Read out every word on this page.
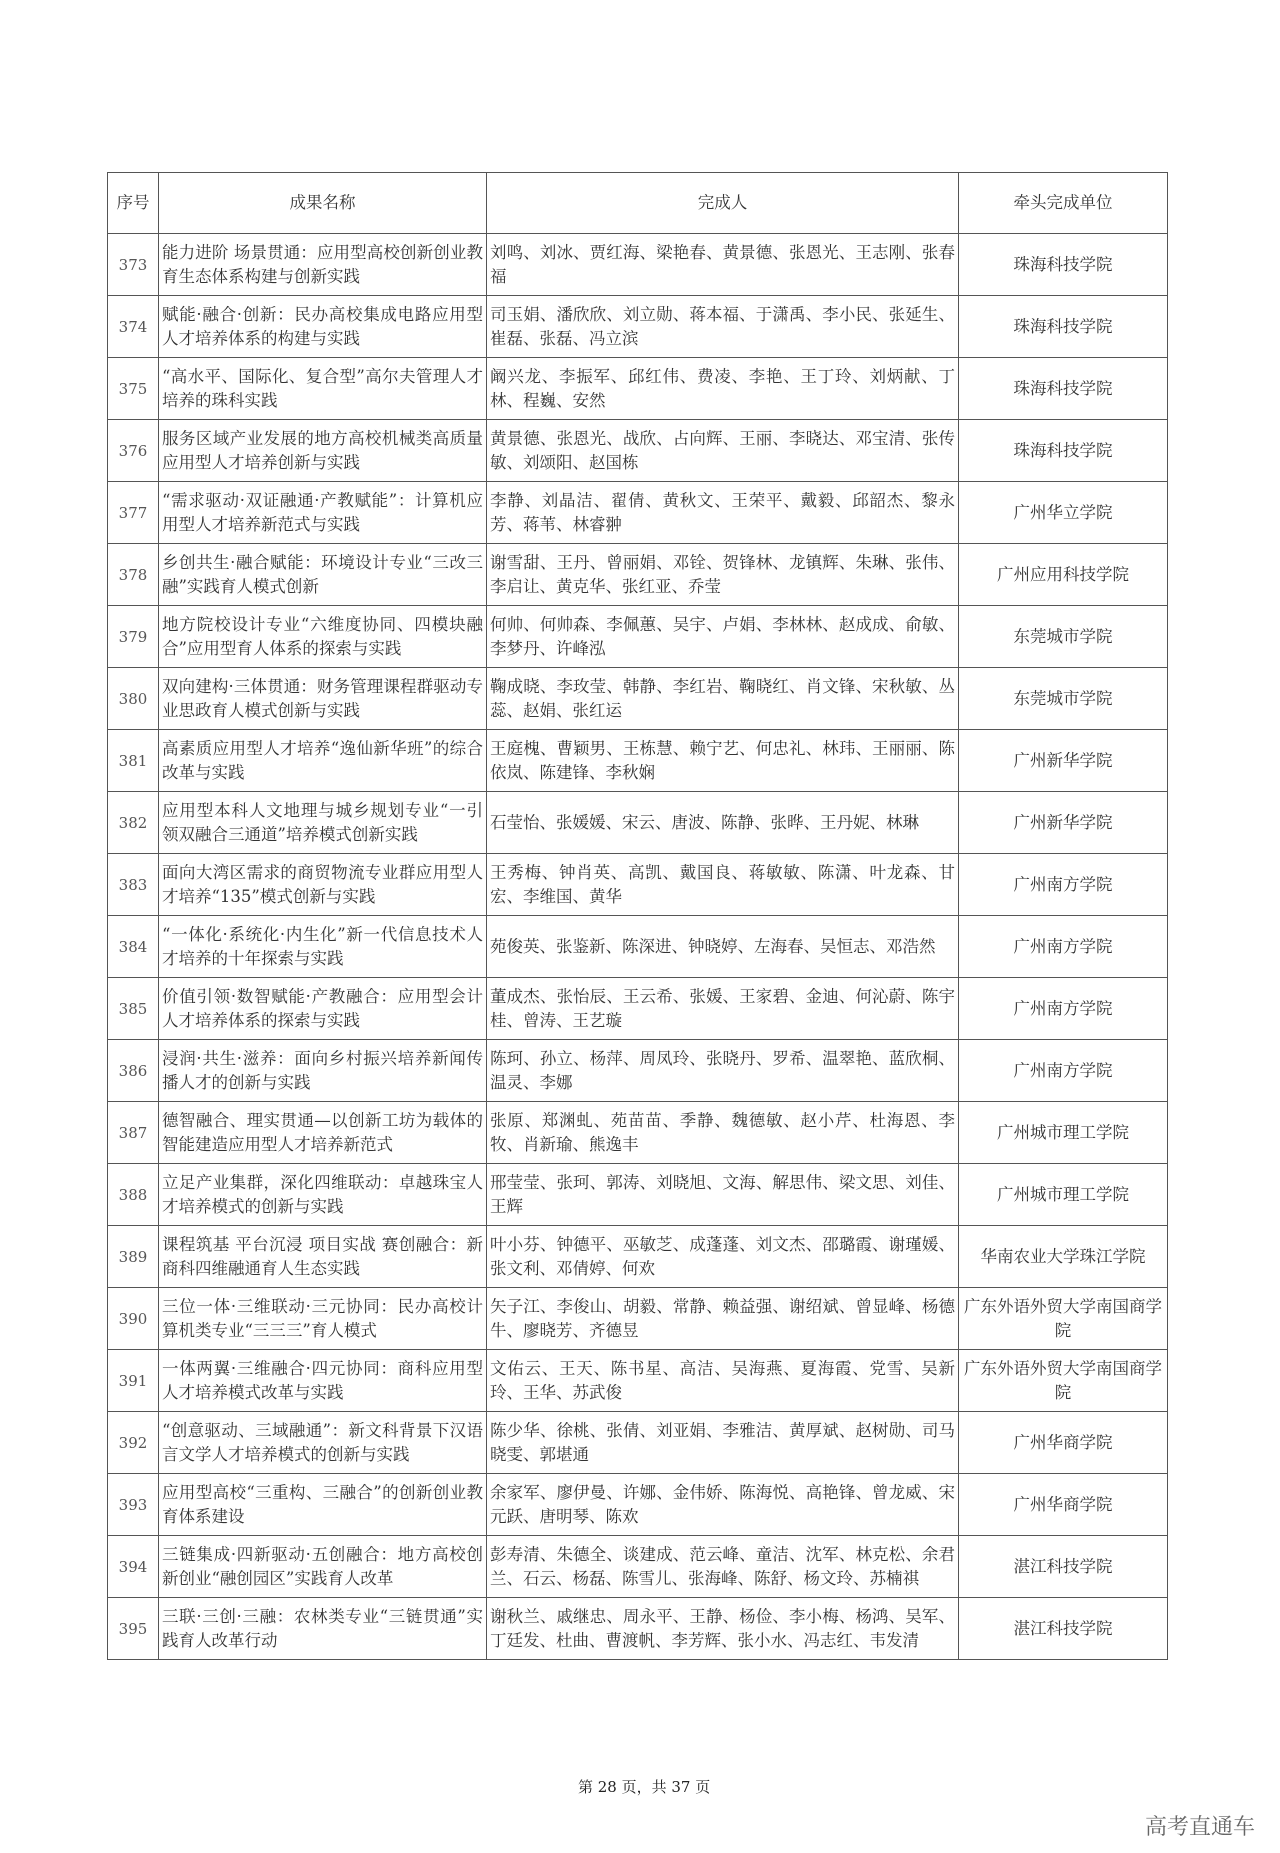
序号	成果名称	完成人	牵头完成单位
373	能力进阶 场景贯通：应用型高校创新创业教育生态体系构建与创新实践	刘鸣、刘冰、贾红海、梁艳春、黄景德、张恩光、王志刚、张春福	珠海科技学院
374	赋能·融合·创新：民办高校集成电路应用型人才培养体系的构建与实践	司玉娟、潘欣欣、刘立勋、蒋本福、于潇禹、李小民、张延生、崔磊、张磊、冯立滨	珠海科技学院
375	“高水平、国际化、复合型”高尔夫管理人才培养的珠科实践	阚兴龙、李振军、邱红伟、费凌、李艳、王丁玲、刘炳献、丁林、程巍、安然	珠海科技学院
376	服务区域产业发展的地方高校机械类高质量应用型人才培养创新与实践	黄景德、张恩光、战欣、占向辉、王丽、李晓达、邓宝清、张传敏、刘颂阳、赵国栋	珠海科技学院
377	“需求驱动·双证融通·产教赋能”：计算机应用型人才培养新范式与实践	李静、刘晶洁、翟倩、黄秋文、王荣平、戴毅、邱韶杰、黎永芳、蒋苇、林睿翀	广州华立学院
378	乡创共生·融合赋能：环境设计专业“三改三融”实践育人模式创新	谢雪甜、王丹、曾丽娟、邓铨、贺锋林、龙镇辉、朱琳、张伟、李启让、黄克华、张红亚、乔莹	广州应用科技学院
379	地方院校设计专业“六维度协同、四模块融合”应用型育人体系的探索与实践	何帅、何帅森、李佩蕙、吴宇、卢娟、李林林、赵成成、俞敏、李梦丹、许峰泓	东莞城市学院
380	双向建构·三体贯通：财务管理课程群驱动专业思政育人模式创新与实践	鞠成晓、李玫莹、韩静、李红岩、鞠晓红、肖文锋、宋秋敏、丛蕊、赵娟、张红运	东莞城市学院
381	高素质应用型人才培养“逸仙新华班”的综合改革与实践	王庭槐、曹颖男、王栋慧、赖宁艺、何忠礼、林玮、王丽丽、陈依岚、陈建锋、李秋娴	广州新华学院
382	应用型本科人文地理与城乡规划专业“一引领双融合三通道”培养模式创新实践	石莹怡、张媛媛、宋云、唐波、陈静、张晔、王丹妮、林琳	广州新华学院
383	面向大湾区需求的商贸物流专业群应用型人才培养“135”模式创新与实践	王秀梅、钟肖英、高凯、戴国良、蒋敏敏、陈潇、叶龙森、甘宏、李维国、黄华	广州南方学院
384	“一体化·系统化·内生化”新一代信息技术人才培养的十年探索与实践	苑俊英、张鉴新、陈深进、钟晓婷、左海春、吴恒志、邓浩然	广州南方学院
385	价值引领·数智赋能·产教融合：应用型会计人才培养体系的探索与实践	董成杰、张怡辰、王云希、张媛、王家碧、金迪、何沁蔚、陈宇桂、曾涛、王艺璇	广州南方学院
386	浸润·共生·滋养：面向乡村振兴培养新闻传播人才的创新与实践	陈珂、孙立、杨萍、周凤玲、张晓丹、罗希、温翠艳、蓝欣桐、温灵、李娜	广州南方学院
387	德智融合、理实贯通—以创新工坊为载体的智能建造应用型人才培养新范式	张原、郑渊虬、苑苗苗、季静、魏德敏、赵小芹、杜海恩、李牧、肖新瑜、熊逸丰	广州城市理工学院
388	立足产业集群，深化四维联动：卓越珠宝人才培养模式的创新与实践	邢莹莹、张珂、郭涛、刘晓旭、文海、解思伟、梁文思、刘佳、王辉	广州城市理工学院
389	课程筑基 平台沉浸 项目实战 赛创融合：新商科四维融通育人生态实践	叶小芬、钟德平、巫敏芝、成蓬蓬、刘文杰、邵璐霞、谢瑾媛、张文利、邓倩婷、何欢	华南农业大学珠江学院
390	三位一体·三维联动·三元协同：民办高校计算机类专业“三三三”育人模式	矢子江、李俊山、胡毅、常静、赖益强、谢绍斌、曾显峰、杨德牛、廖晓芳、齐德昱	广东外语外贸大学南国商学院
391	一体两翼·三维融合·四元协同：商科应用型人才培养模式改革与实践	文佑云、王天、陈书星、高洁、吴海燕、夏海霞、党雪、吴新玲、王华、苏武俊	广东外语外贸大学南国商学院
392	“创意驱动、三域融通”：新文科背景下汉语言文学人才培养模式的创新与实践	陈少华、徐桃、张倩、刘亚娟、李雅洁、黄厚斌、赵树勋、司马晓雯、郭堪通	广州华商学院
393	应用型高校“三重构、三融合”的创新创业教育体系建设	余家军、廖伊曼、许娜、金伟娇、陈海悦、高艳锋、曾龙威、宋元跃、唐明琴、陈欢	广州华商学院
394	三链集成·四新驱动·五创融合：地方高校创新创业“融创园区”实践育人改革	彭寿清、朱德全、谈建成、范云峰、童洁、沈军、林克松、余君兰、石云、杨磊、陈雪儿、张海峰、陈舒、杨文玲、苏楠祺	湛江科技学院
395	三联·三创·三融：农林类专业“三链贯通”实践育人改革行动	谢秋兰、戚继忠、周永平、王静、杨俭、李小梅、杨鸿、吴军、丁廷发、杜曲、曹渡帆、李芳辉、张小水、冯志红、韦发清	湛江科技学院
第 28 页，共 37 页
高考直通车
